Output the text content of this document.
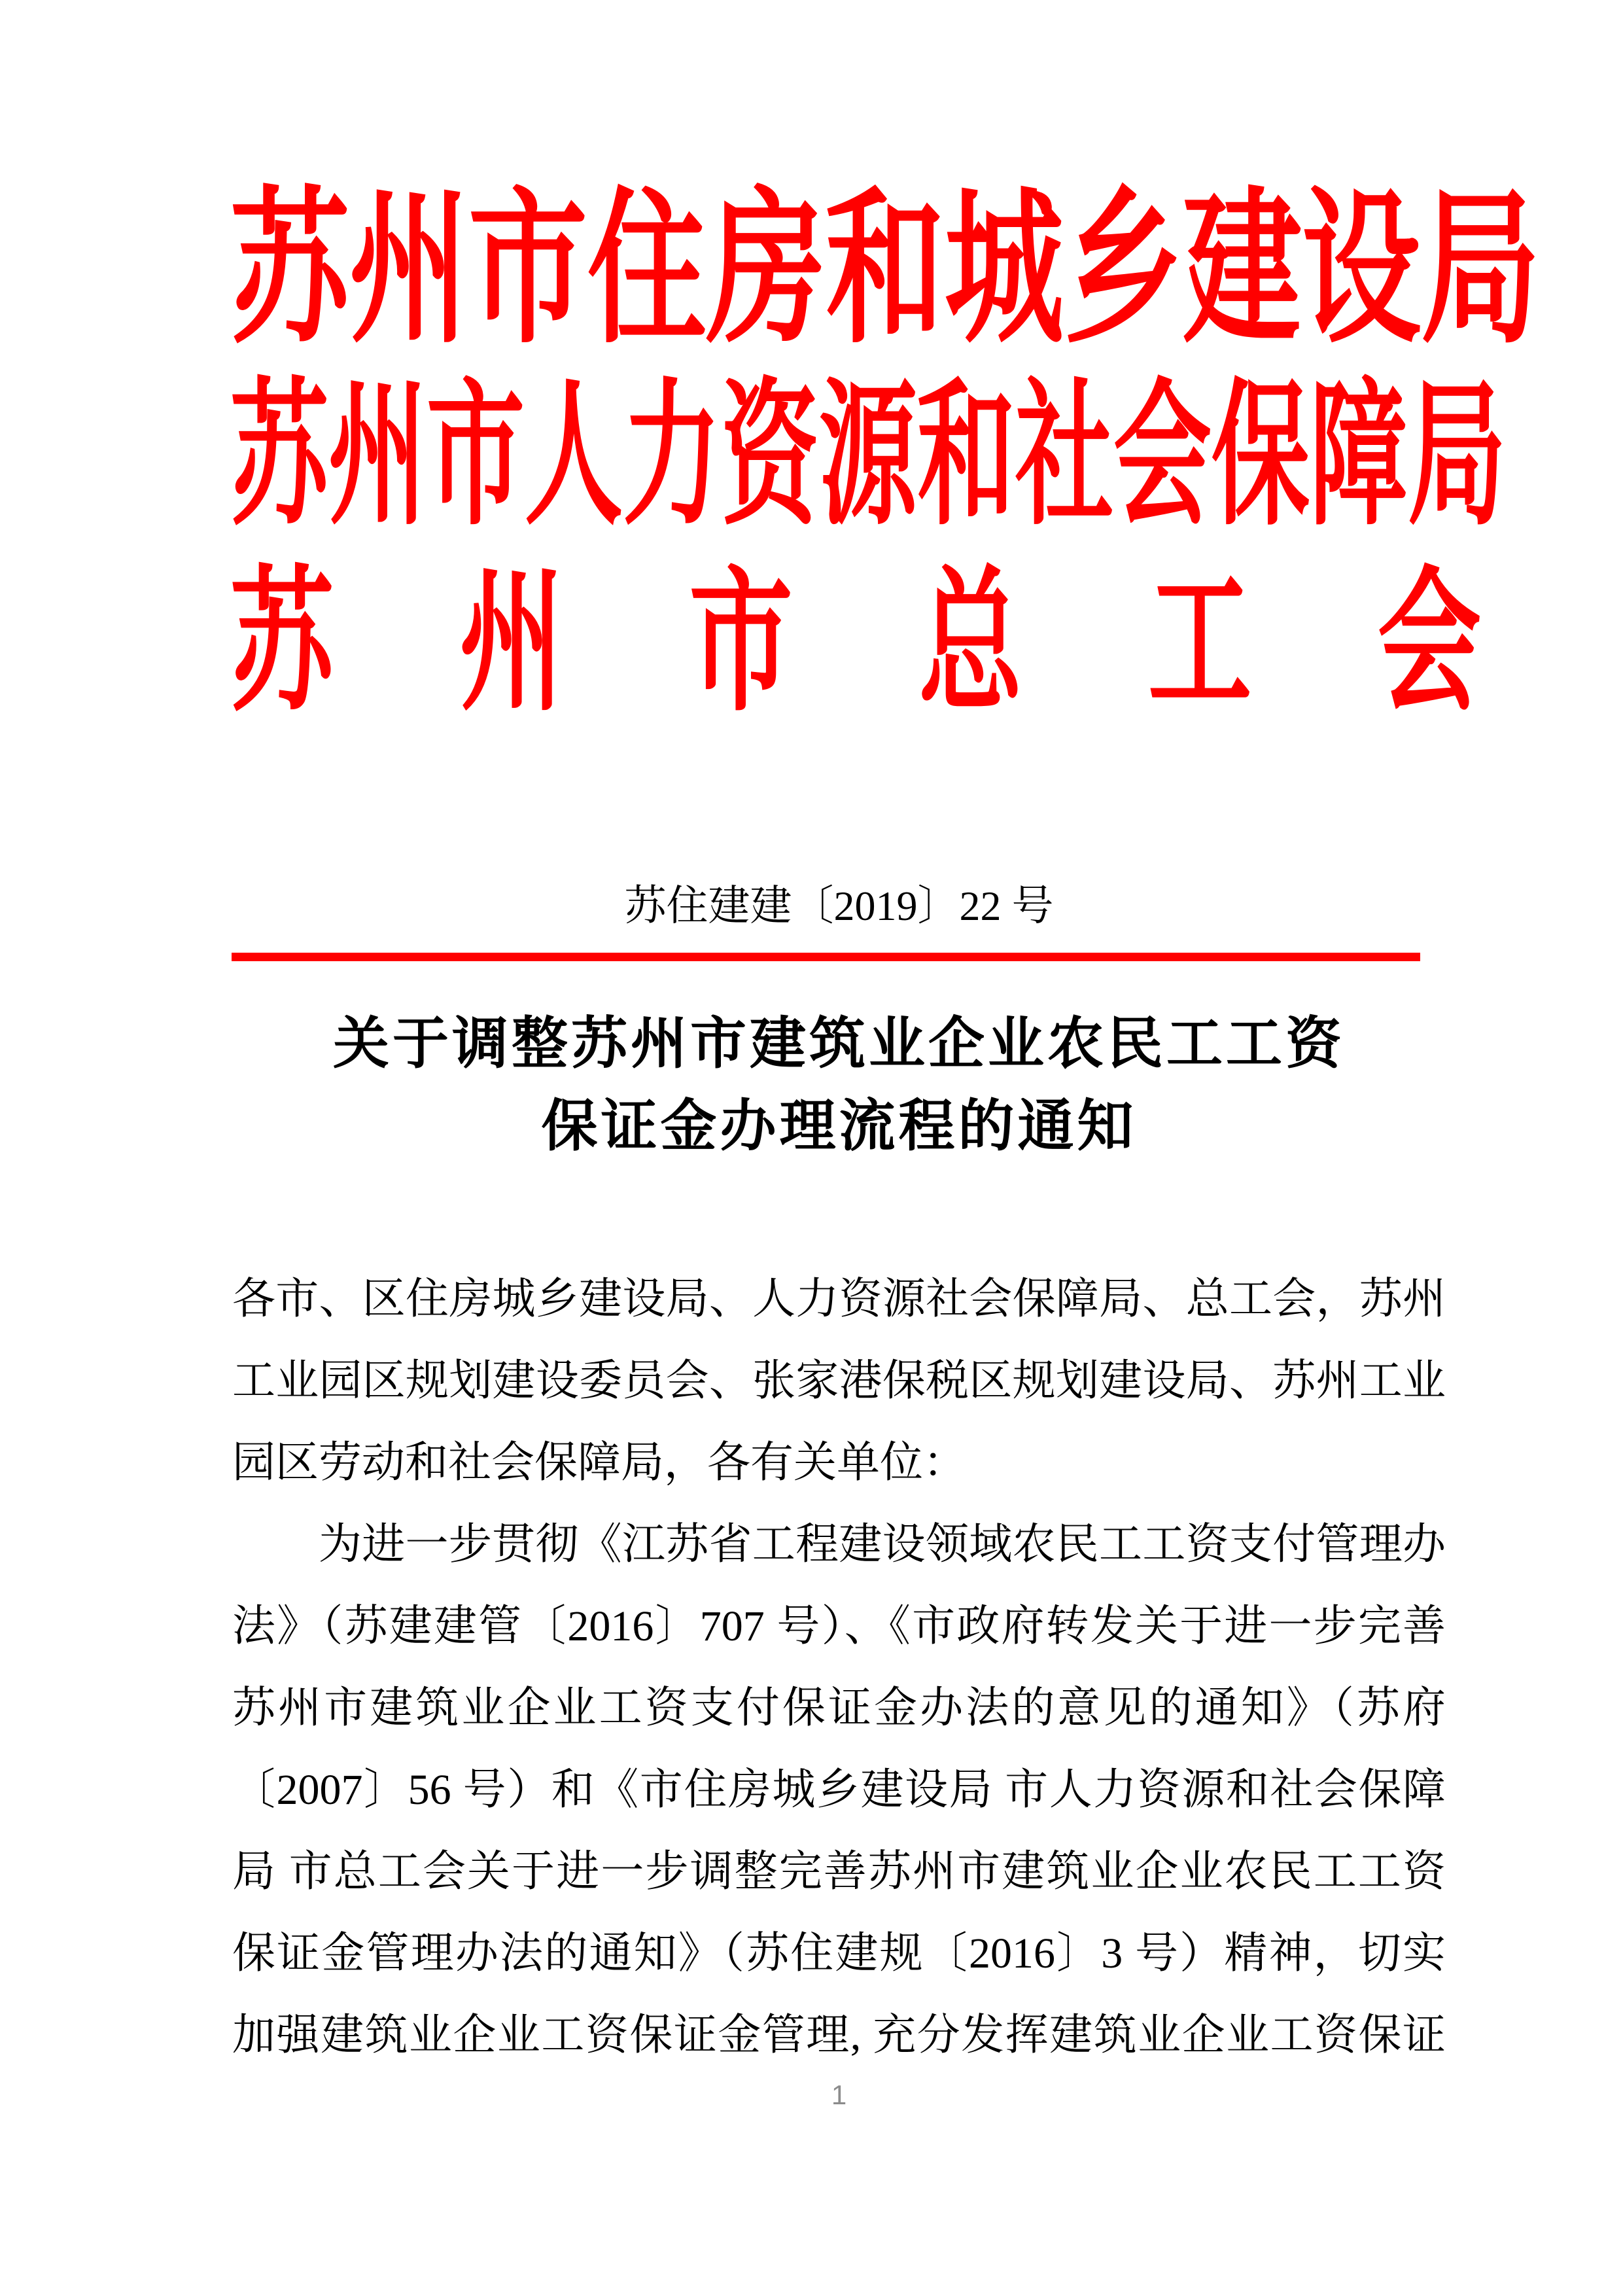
苏州市住房和城乡建设局
苏州市人力资源和社会保障局
苏州市总工会
苏住建建〔2019〕22 号
关于调整苏州市建筑业企业农民工工资
保证金办理流程的通知
各市、区住房城乡建设局、人力资源社会保障局、总工会，苏州
工业园区规划建设委员会、张家港保税区规划建设局、苏州工业
园区劳动和社会保障局，各有关单位：
为进一步贯彻《江苏省工程建设领域农民工工资支付管理办
法》（苏建建管〔2016〕707 号）、《市政府转发关于进一步完善
苏州市建筑业企业工资支付保证金办法的意见的通知》（苏府
〔2007〕56 号）和《市住房城乡建设局 市人力资源和社会保障
局 市总工会关于进一步调整完善苏州市建筑业企业农民工工资
保证金管理办法的通知》（苏住建规〔2016〕3 号）精神，切实
加强建筑业企业工资保证金管理, 充分发挥建筑业企业工资保证
1
